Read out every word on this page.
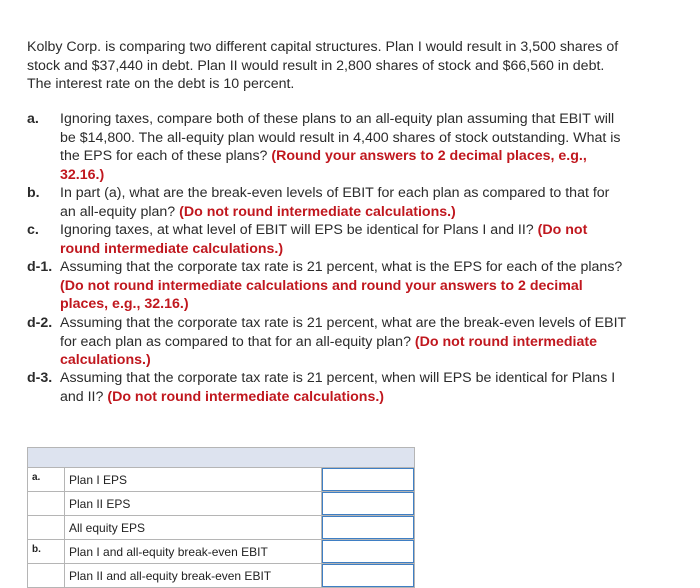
Kolby Corp. is comparing two different capital structures. Plan I would result in 3,500 shares of stock and $37,440 in debt. Plan II would result in 2,800 shares of stock and $66,560 in debt. The interest rate on the debt is 10 percent.
a. Ignoring taxes, compare both of these plans to an all-equity plan assuming that EBIT will be $14,800. The all-equity plan would result in 4,400 shares of stock outstanding. What is the EPS for each of these plans? (Round your answers to 2 decimal places, e.g., 32.16.)
b. In part (a), what are the break-even levels of EBIT for each plan as compared to that for an all-equity plan? (Do not round intermediate calculations.)
c. Ignoring taxes, at what level of EBIT will EPS be identical for Plans I and II? (Do not round intermediate calculations.)
d-1. Assuming that the corporate tax rate is 21 percent, what is the EPS for each of the plans? (Do not round intermediate calculations and round your answers to 2 decimal places, e.g., 32.16.)
d-2. Assuming that the corporate tax rate is 21 percent, what are the break-even levels of EBIT for each plan as compared to that for an all-equity plan? (Do not round intermediate calculations.)
d-3. Assuming that the corporate tax rate is 21 percent, when will EPS be identical for Plans I and II? (Do not round intermediate calculations.)

a.	Plan I EPS	

	Plan II EPS	

	All equity EPS	

b.	Plan I and all-equity break-even EBIT	

	Plan II and all-equity break-even EBIT	
